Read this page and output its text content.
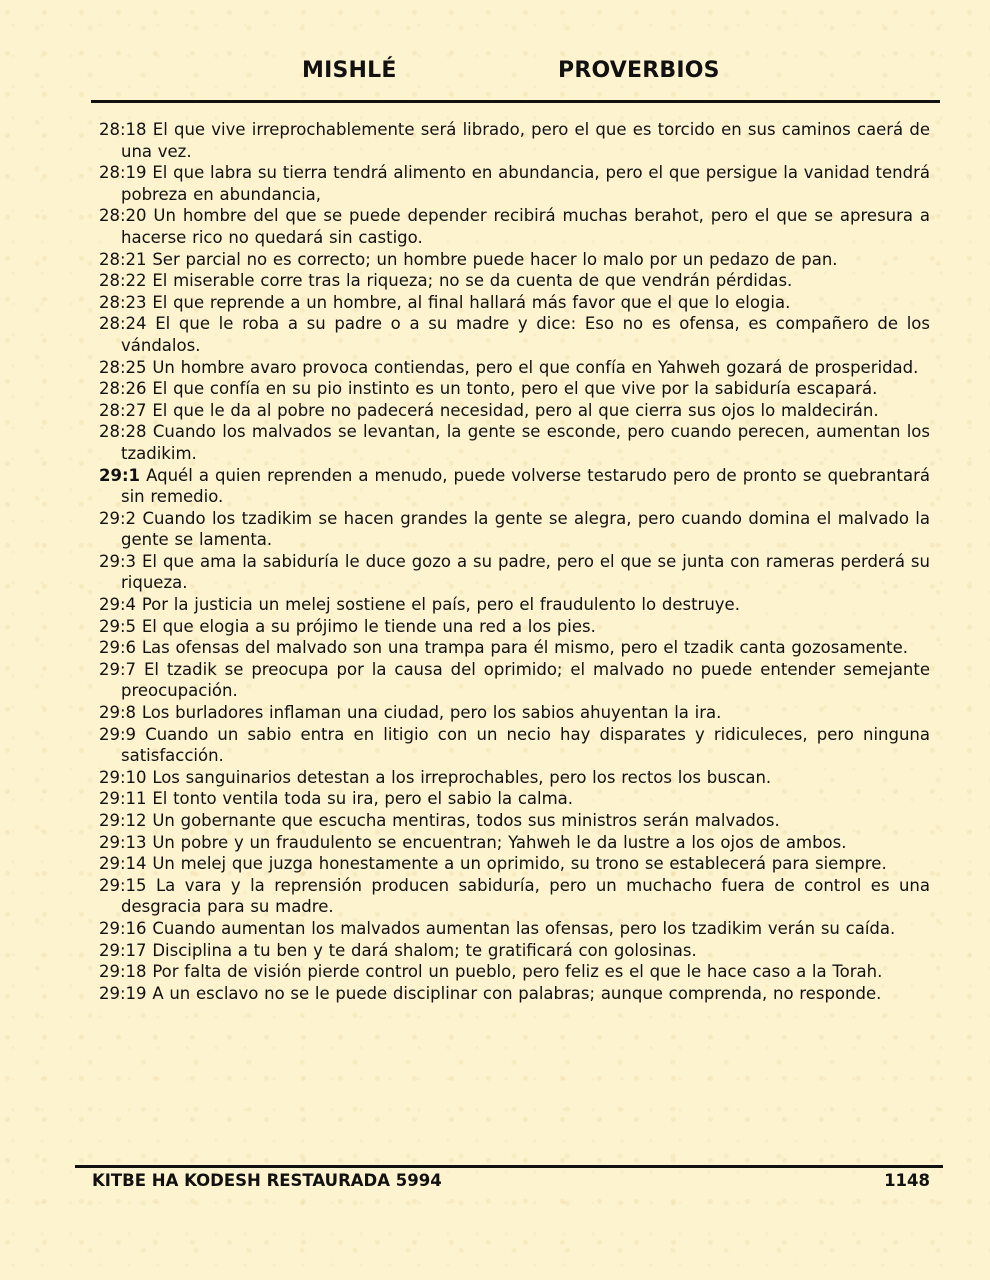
MISHLÉ	PROVERBIOS

28:18 El que vive irreprochablemente será librado, pero el que es torcido en sus caminos caerá de una vez.

28:19 El que labra su tierra tendrá alimento en abundancia, pero el que persigue la vanidad tendrá pobreza en abundancia,

28:20 Un hombre del que se puede depender recibirá muchas berahot, pero el que se apresura a hacerse rico no quedará sin castigo.

28:21 Ser parcial no es correcto; un hombre puede hacer lo malo por un pedazo de pan.

28:22 El miserable corre tras la riqueza; no se da cuenta de que vendrán pérdidas.

28:23 El que reprende a un hombre, al final hallará más favor que el que lo elogia.

28:24 El que le roba a su padre o a su madre y dice: Eso no es ofensa, es compañero de los vándalos.

28:25 Un hombre avaro provoca contiendas, pero el que confía en Yahweh gozará de prosperidad.

28:26 El que confía en su pio instinto es un tonto, pero el que vive por la sabiduría escapará.

28:27 El que le da al pobre no padecerá necesidad, pero al que cierra sus ojos lo maldecirán.

28:28 Cuando los malvados se levantan, la gente se esconde, pero cuando perecen, aumentan los tzadikim.

29:1 Aquél a quien reprenden a menudo, puede volverse testarudo pero de pronto se quebrantará sin remedio.

29:2 Cuando los tzadikim se hacen grandes la gente se alegra, pero cuando domina el malvado la gente se lamenta.

29:3 El que ama la sabiduría le duce gozo a su padre, pero el que se junta con rameras perderá su riqueza.

29:4 Por la justicia un melej sostiene el país, pero el fraudulento lo destruye.

29:5 El que elogia a su prójimo le tiende una red a los pies.

29:6 Las ofensas del malvado son una trampa para él mismo, pero el tzadik canta gozosamente.

29:7 El tzadik se preocupa por la causa del oprimido; el malvado no puede entender semejante preocupación.

29:8 Los burladores inflaman una ciudad, pero los sabios ahuyentan la ira.

29:9 Cuando un sabio entra en litigio con un necio hay disparates y ridiculeces, pero ninguna satisfacción.

29:10 Los sanguinarios detestan a los irreprochables, pero los rectos los buscan.

29:11 El tonto ventila toda su ira, pero el sabio la calma.

29:12 Un gobernante que escucha mentiras, todos sus ministros serán malvados.

29:13 Un pobre y un fraudulento se encuentran; Yahweh le da lustre a los ojos de ambos.

29:14 Un melej que juzga honestamente a un oprimido, su trono se establecerá para siempre.

29:15 La vara y la reprensión producen sabiduría, pero un muchacho fuera de control es una desgracia para su madre.

29:16 Cuando aumentan los malvados aumentan las ofensas, pero los tzadikim verán su caída.

29:17 Disciplina a tu ben y te dará shalom; te gratificará con golosinas.

29:18 Por falta de visión pierde control un pueblo, pero feliz es el que le hace caso a la Torah.

29:19 A un esclavo no se le puede disciplinar con palabras; aunque comprenda, no responde.

KITBE HA KODESH RESTAURADA 5994	1148
